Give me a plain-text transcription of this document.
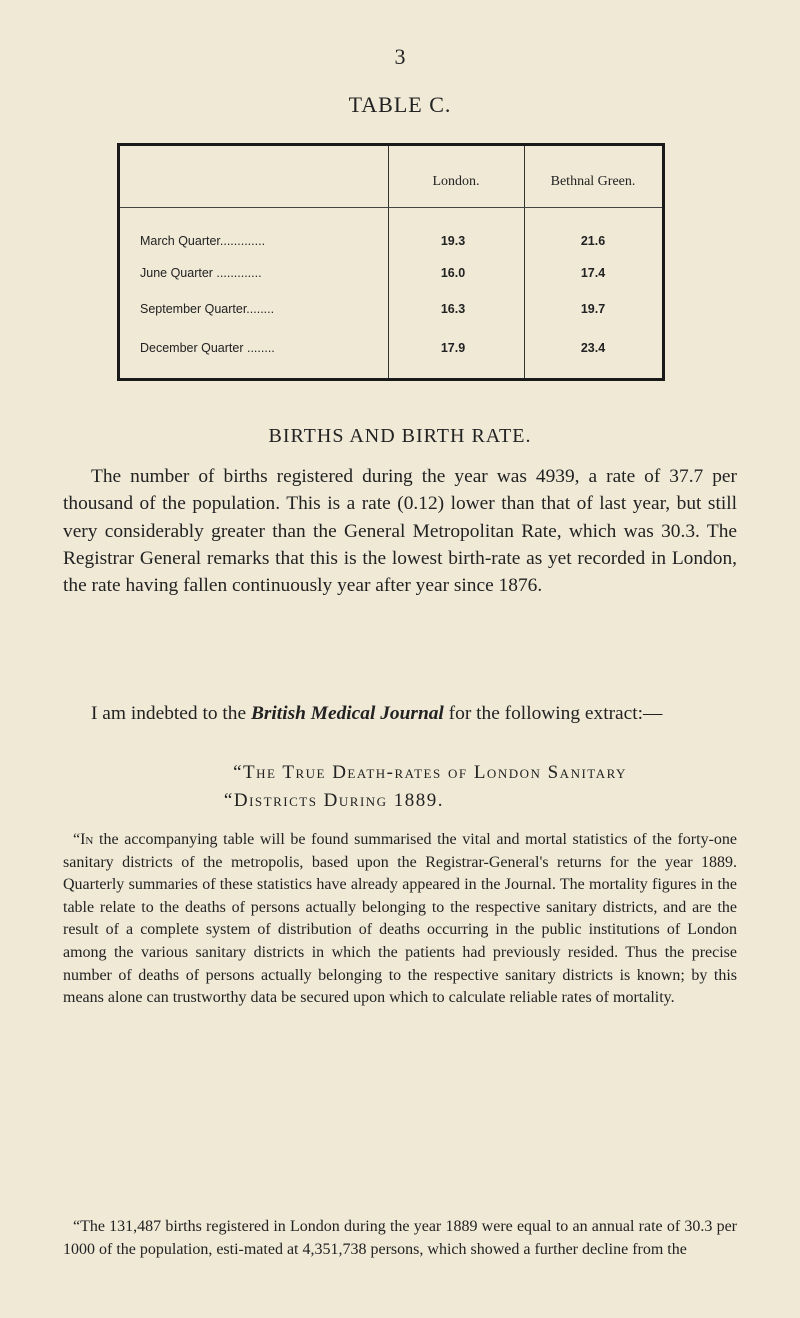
3
TABLE C.
London.	Bethnal Green.
March Quarter.............	19.3	21.6
June Quarter .............	16.0	17.4
September Quarter........	16.3	19.7
December Quarter ........	17.9	23.4
BIRTHS AND BIRTH RATE.

The number of births registered during the year was 4939, a rate of 37.7 per thousand of the population. This is a rate (0.12) lower than that of last year, but still very considerably greater than the General Metropolitan Rate, which was 30.3. The Registrar General remarks that this is the lowest birth-rate as yet recorded in London, the rate having fallen continuously year after year since 1876.

I am indebted to the British Medical Journal for the following extract:—

“The True Death-rates of London Sanitary
“Districts During 1889.

“In the accompanying table will be found summarised the vital and mortal statistics of the forty-one sanitary districts of the metropolis, based upon the Registrar-General's returns for the year 1889. Quarterly summaries of these statistics have already appeared in the Journal. The mortality figures in the table relate to the deaths of persons actually belonging to the respective sanitary districts, and are the result of a complete system of distribution of deaths occurring in the public institutions of London among the various sanitary districts in which the patients had previously resided. Thus the precise number of deaths of persons actually belonging to the respective sanitary districts is known; by this means alone can trustworthy data be secured upon which to calculate reliable rates of mortality.

“The 131,487 births registered in London during the year 1889 were equal to an annual rate of 30.3 per 1000 of the population, esti-mated at 4,351,738 persons, which showed a further decline from the
